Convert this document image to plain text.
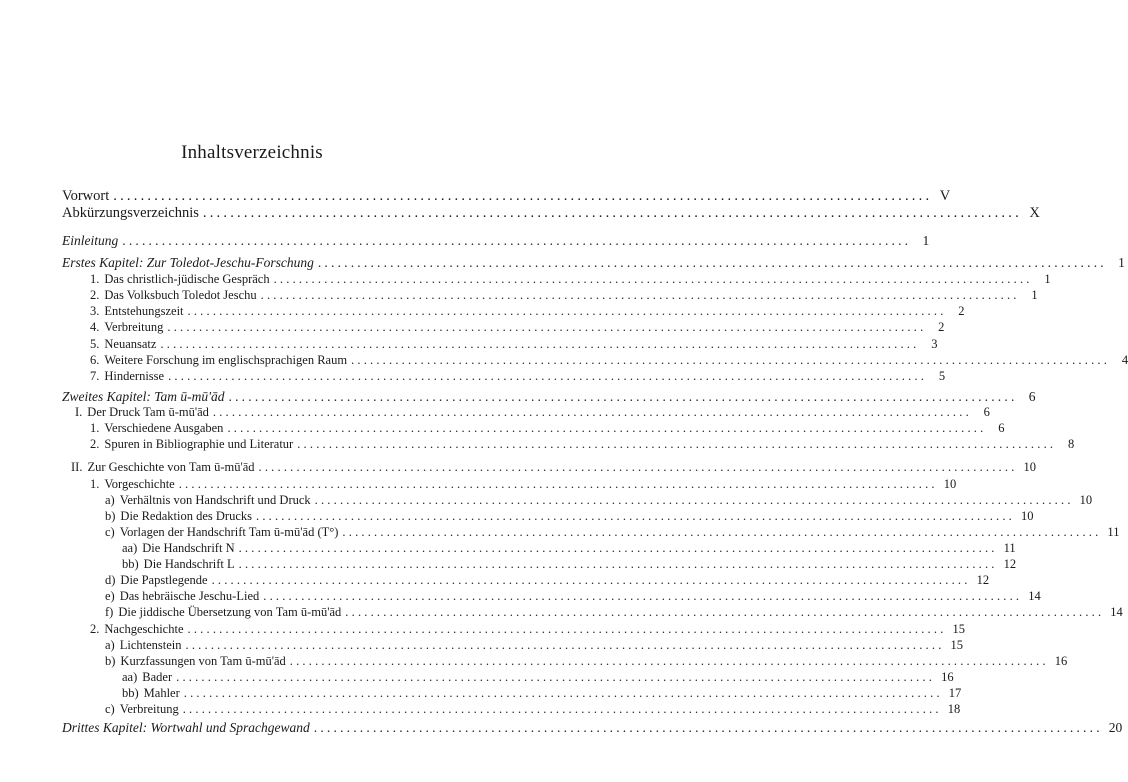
Inhaltsverzeichnis
Vorwort ........................................................................................................................ V
Abkürzungsverzeichnis ........................................................................................................................ X
Einleitung ........................................................................................................................ 1
Erstes Kapitel: Zur Toledot-Jeschu-Forschung ........................................................................................................................ 1
1. Das christlich-jüdische Gespräch ........................................................................................................................ 1
2. Das Volksbuch Toledot Jeschu ........................................................................................................................ 1
3. Entstehungszeit ........................................................................................................................ 2
4. Verbreitung ........................................................................................................................ 2
5. Neuansatz ........................................................................................................................ 3
6. Weitere Forschung im englischsprachigen Raum ........................................................................................................................ 4
7. Hindernisse ........................................................................................................................ 5
Zweites Kapitel: Tam ū-mū'ād ........................................................................................................................ 6
I. Der Druck Tam ū-mū'ād ........................................................................................................................ 6
1. Verschiedene Ausgaben ........................................................................................................................ 6
2. Spuren in Bibliographie und Literatur ........................................................................................................................ 8
II. Zur Geschichte von Tam ū-mū'ād ........................................................................................................................ 10
1. Vorgeschichte ........................................................................................................................ 10
a) Verhältnis von Handschrift und Druck ........................................................................................................................ 10
b) Die Redaktion des Drucks ........................................................................................................................ 10
c) Vorlagen der Handschrift Tam ū-mū'ād (T°) ........................................................................................................................ 11
aa) Die Handschrift N ........................................................................................................................ 11
bb) Die Handschrift L ........................................................................................................................ 12
d) Die Papstlegende ........................................................................................................................ 12
e) Das hebräische Jeschu-Lied ........................................................................................................................ 14
f) Die jiddische Übersetzung von Tam ū-mū'ād ........................................................................................................................ 14
2. Nachgeschichte ........................................................................................................................ 15
a) Lichtenstein ........................................................................................................................ 15
b) Kurzfassungen von Tam ū-mū'ād ........................................................................................................................ 16
aa) Bader ........................................................................................................................ 16
bb) Mahler ........................................................................................................................ 17
c) Verbreitung ........................................................................................................................ 18
Drittes Kapitel: Wortwahl und Sprachgewand ........................................................................................................................ 20
